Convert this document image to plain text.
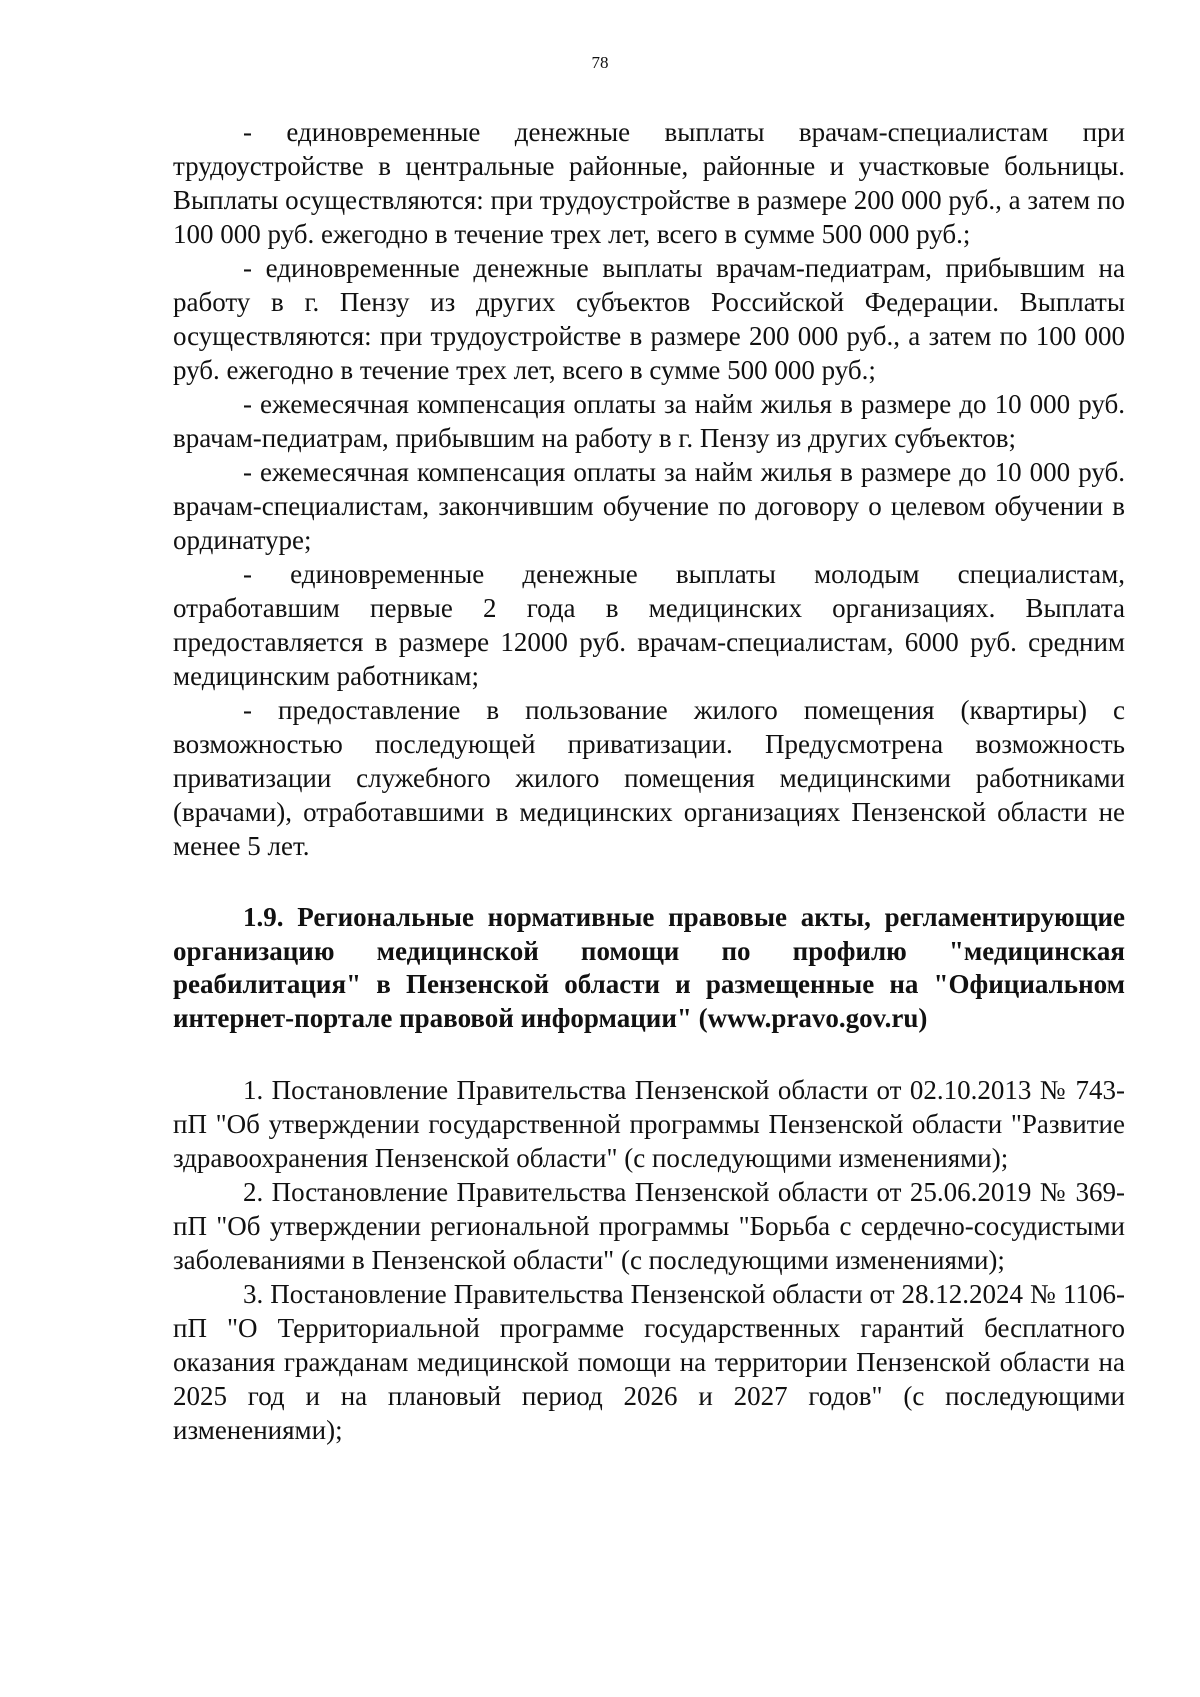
78

- единовременные денежные выплаты врачам-специалистам при трудоустройстве в центральные районные, районные и участковые больницы. Выплаты осуществляются: при трудоустройстве в размере 200 000 руб., а затем по 100 000 руб. ежегодно в течение трех лет, всего в сумме 500 000 руб.;

- единовременные денежные выплаты врачам-педиатрам, прибывшим на работу в г. Пензу из других субъектов Российской Федерации. Выплаты осуществляются: при трудоустройстве в размере 200 000 руб., а затем по 100 000 руб. ежегодно в течение трех лет, всего в сумме 500 000 руб.;

- ежемесячная компенсация оплаты за найм жилья в размере до 10 000 руб. врачам-педиатрам, прибывшим на работу в г. Пензу из других субъектов;

- ежемесячная компенсация оплаты за найм жилья в размере до 10 000 руб. врачам-специалистам, закончившим обучение по договору о целевом обучении в ординатуре;

- единовременные денежные выплаты молодым специалистам, отработавшим первые 2 года в медицинских организациях. Выплата предоставляется в размере 12000 руб. врачам-специалистам, 6000 руб. средним медицинским работникам;

- предоставление в пользование жилого помещения (квартиры) с возможностью последующей приватизации. Предусмотрена возможность приватизации служебного жилого помещения медицинскими работниками (врачами), отработавшими в медицинских организациях Пензенской области не менее 5 лет.

1.9. Региональные нормативные правовые акты, регламентирующие организацию медицинской помощи по профилю "медицинская реабилитация" в Пензенской области и размещенные на "Официальном интернет-портале правовой информации" (www.pravo.gov.ru)

1. Постановление Правительства Пензенской области от 02.10.2013 № 743-пП "Об утверждении государственной программы Пензенской области "Развитие здравоохранения Пензенской области" (с последующими изменениями);

2. Постановление Правительства Пензенской области от 25.06.2019 № 369-пП "Об утверждении региональной программы "Борьба с сердечно-сосудистыми заболеваниями в Пензенской области" (с последующими изменениями);

3. Постановление Правительства Пензенской области от 28.12.2024 № 1106-пП "О Территориальной программе государственных гарантий бесплатного оказания гражданам медицинской помощи на территории Пензенской области на 2025 год и на плановый период 2026 и 2027 годов" (с последующими изменениями);
